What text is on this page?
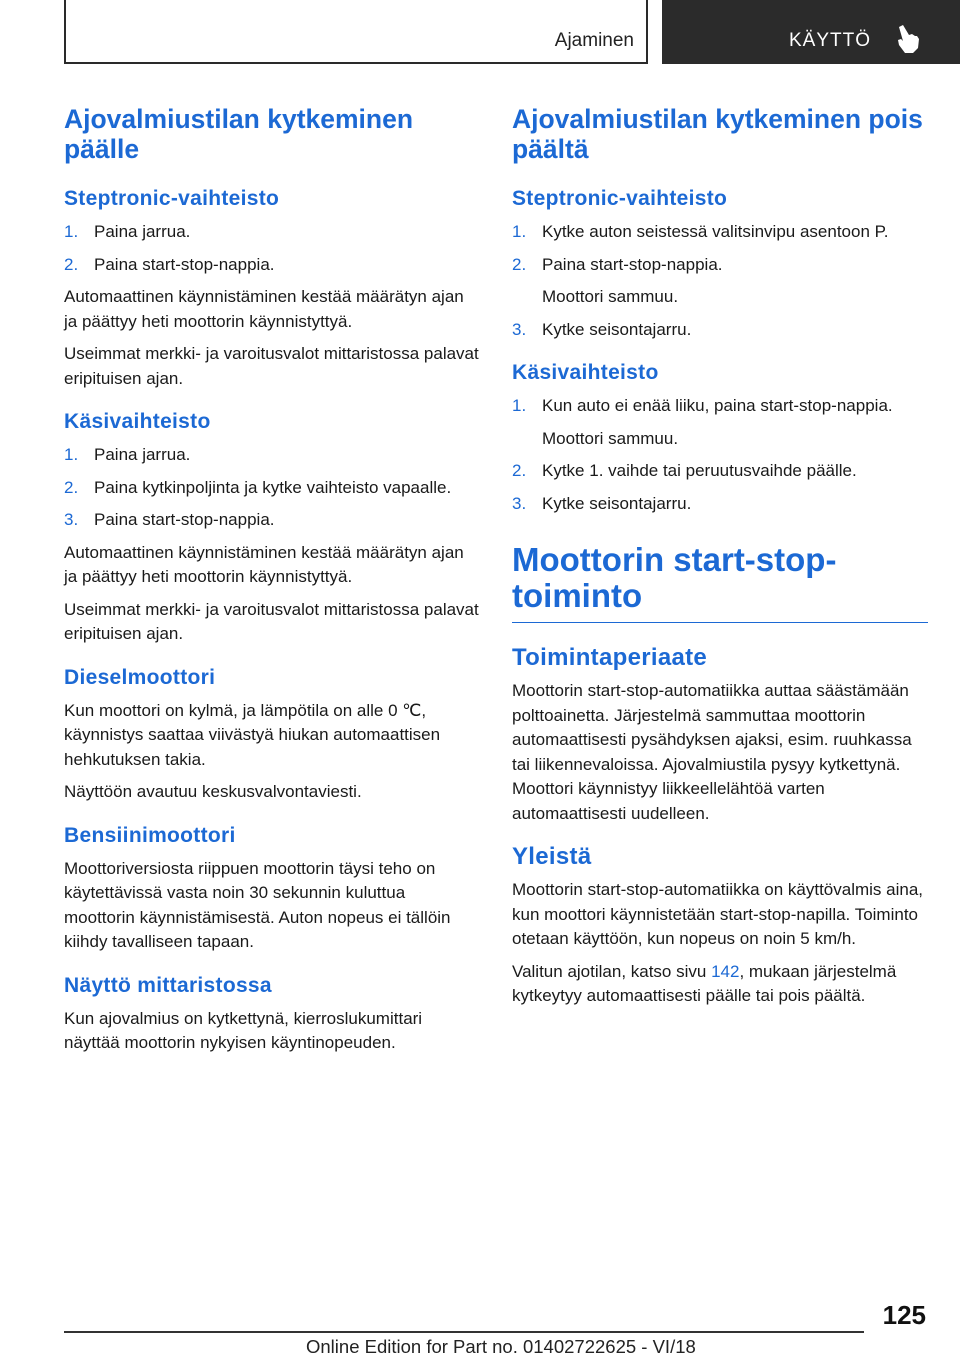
Ajaminen	KÄYTTÖ
Ajovalmiustilan kytkeminen päälle
Steptronic-vaihteisto
1. Paina jarrua.
2. Paina start-stop-nappia.

Automaattinen käynnistäminen kestää määrätyn ajan ja päättyy heti moottorin käynnistyttyä.

Useimmat merkki- ja varoitusvalot mittaristossa palavat eripituisen ajan.

Käsivaihteisto
1. Paina jarrua.
2. Paina kytkinpoljinta ja kytke vaihteisto vapaalle.
3. Paina start-stop-nappia.

Automaattinen käynnistäminen kestää määrätyn ajan ja päättyy heti moottorin käynnistyttyä.

Useimmat merkki- ja varoitusvalot mittaristossa palavat eripituisen ajan.

Dieselmoottori

Kun moottori on kylmä, ja lämpötila on alle 0 ℃, käynnistys saattaa viivästyä hiukan automaattisen hehkutuksen takia.

Näyttöön avautuu keskusvalvontaviesti.

Bensiinimoottori

Moottoriversiosta riippuen moottorin täysi teho on käytettävissä vasta noin 30 sekunnin kuluttua moottorin käynnistämisestä. Auton nopeus ei tällöin kiihdy tavalliseen tapaan.

Näyttö mittaristossa

Kun ajovalmius on kytkettynä, kierroslukumittari näyttää moottorin nykyisen käyntinopeuden.

Ajovalmiustilan kytkeminen pois päältä
Steptronic-vaihteisto
1. Kytke auton seistessä valitsinvipu asentoon P.
2. Paina start-stop-nappia.
Moottori sammuu.
3. Kytke seisontajarru.
Käsivaihteisto
1. Kun auto ei enää liiku, paina start-stop-nappia.
Moottori sammuu.
2. Kytke 1. vaihde tai peruutusvaihde päälle.
3. Kytke seisontajarru.
Moottorin start-stop-toiminto
Toimintaperiaate

Moottorin start-stop-automatiikka auttaa säästämään polttoainetta. Järjestelmä sammuttaa moottorin automaattisesti pysähdyksen ajaksi, esim. ruuhkassa tai liikennevaloissa. Ajovalmiustila pysyy kytkettynä. Moottori käynnistyy liikkeellelähtöä varten automaattisesti uudelleen.

Yleistä

Moottorin start-stop-automatiikka on käyttövalmis aina, kun moottori käynnistetään start-stop-napilla. Toiminto otetaan käyttöön, kun nopeus on noin 5 km/h.

Valitun ajotilan, katso sivu 142, mukaan järjestelmä kytkeytyy automaattisesti päälle tai pois päältä.

125
Online Edition for Part no. 01402722625 - VI/18
